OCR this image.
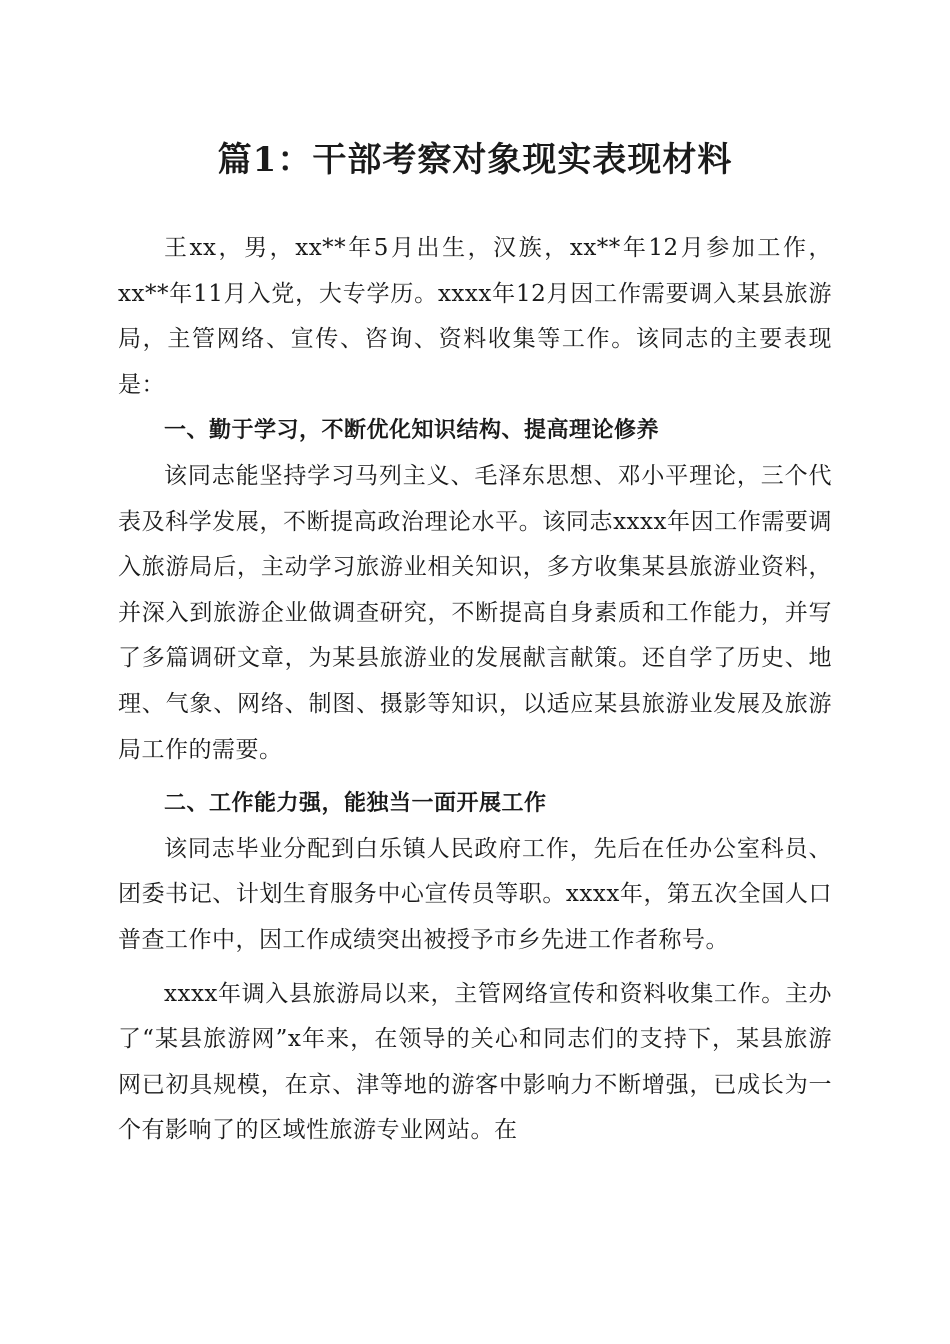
篇1：干部考察对象现实表现材料

王xx，男，xx**年5月出生，汉族，xx**年12月参加工作，xx**年11月入党，大专学历。xxxx年12月因工作需要调入某县旅游局，主管网络、宣传、咨询、资料收集等工作。该同志的主要表现是：

一、勤于学习，不断优化知识结构、提高理论修养

该同志能坚持学习马列主义、毛泽东思想、邓小平理论，三个代表及科学发展，不断提高政治理论水平。该同志xxxx年因工作需要调入旅游局后，主动学习旅游业相关知识，多方收集某县旅游业资料，并深入到旅游企业做调查研究，不断提高自身素质和工作能力，并写了多篇调研文章，为某县旅游业的发展献言献策。还自学了历史、地理、气象、网络、制图、摄影等知识，以适应某县旅游业发展及旅游局工作的需要。

二、工作能力强，能独当一面开展工作

该同志毕业分配到白乐镇人民政府工作，先后在任办公室科员、团委书记、计划生育服务中心宣传员等职。xxxx年，第五次全国人口普查工作中，因工作成绩突出被授予市乡先进工作者称号。

xxxx年调入县旅游局以来，主管网络宣传和资料收集工作。主办了“某县旅游网”x年来，在领导的关心和同志们的支持下，某县旅游网已初具规模，在京、津等地的游客中影响力不断增强，已成长为一个有影响了的区域性旅游专业网站。在
